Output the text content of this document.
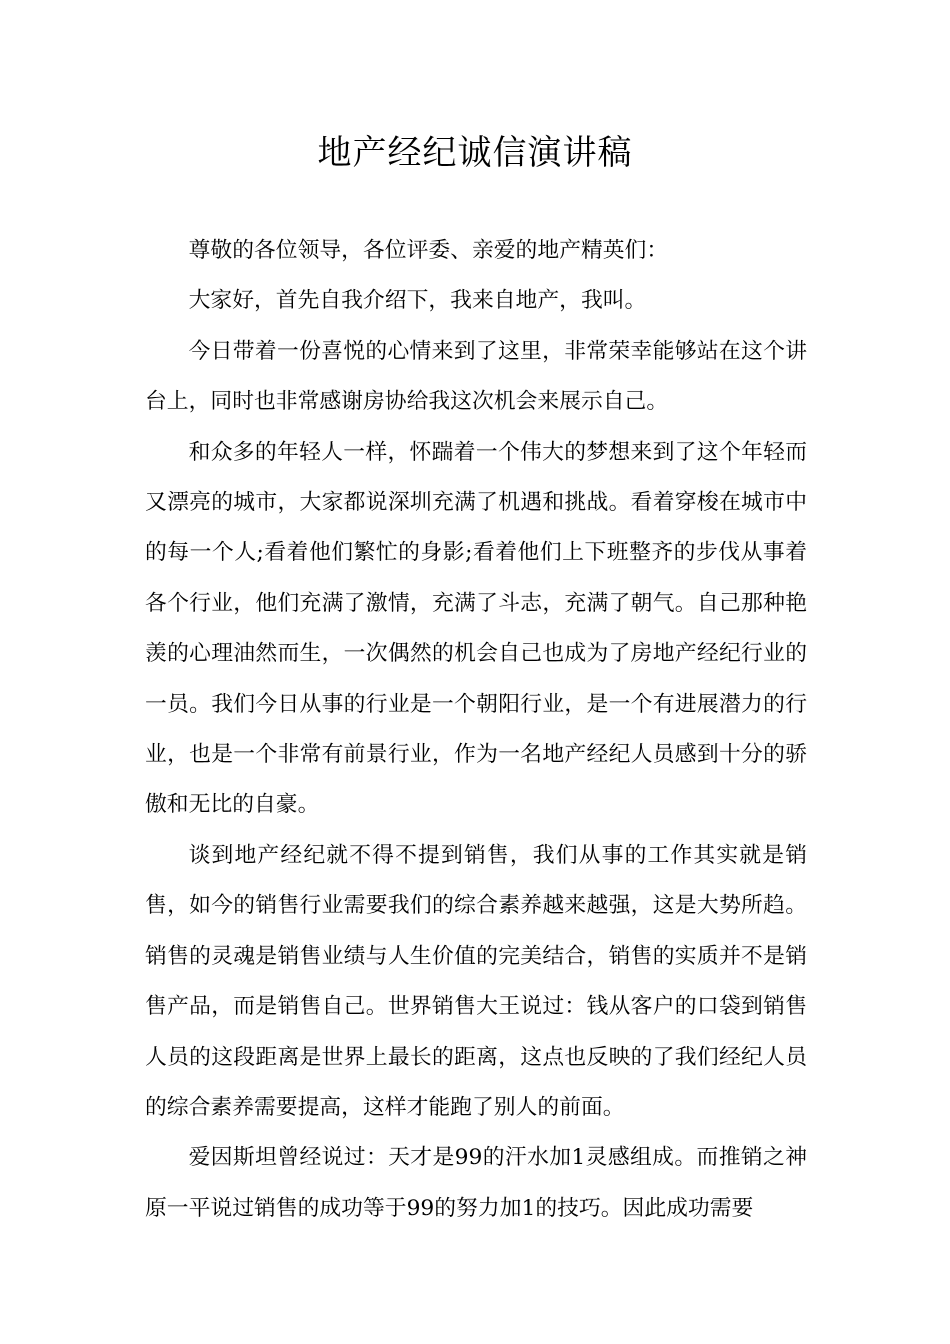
地产经纪诚信演讲稿

尊敬的各位领导，各位评委、亲爱的地产精英们：

大家好，首先自我介绍下，我来自地产，我叫。

今日带着一份喜悦的心情来到了这里，非常荣幸能够站在这个讲台上，同时也非常感谢房协给我这次机会来展示自己。

和众多的年轻人一样，怀踹着一个伟大的梦想来到了这个年轻而又漂亮的城市，大家都说深圳充满了机遇和挑战。看着穿梭在城市中的每一个人;看着他们繁忙的身影;看着他们上下班整齐的步伐从事着各个行业，他们充满了激情，充满了斗志，充满了朝气。自己那种艳羡的心理油然而生，一次偶然的机会自己也成为了房地产经纪行业的一员。我们今日从事的行业是一个朝阳行业，是一个有进展潜力的行业，也是一个非常有前景行业，作为一名地产经纪人员感到十分的骄傲和无比的自豪。

谈到地产经纪就不得不提到销售，我们从事的工作其实就是销售，如今的销售行业需要我们的综合素养越来越强，这是大势所趋。销售的灵魂是销售业绩与人生价值的完美结合，销售的实质并不是销售产品，而是销售自己。世界销售大王说过：钱从客户的口袋到销售人员的这段距离是世界上最长的距离，这点也反映的了我们经纪人员的综合素养需要提高，这样才能跑了别人的前面。

爱因斯坦曾经说过：天才是99的汗水加1灵感组成。而推销之神原一平说过销售的成功等于99的努力加1的技巧。因此成功需要
